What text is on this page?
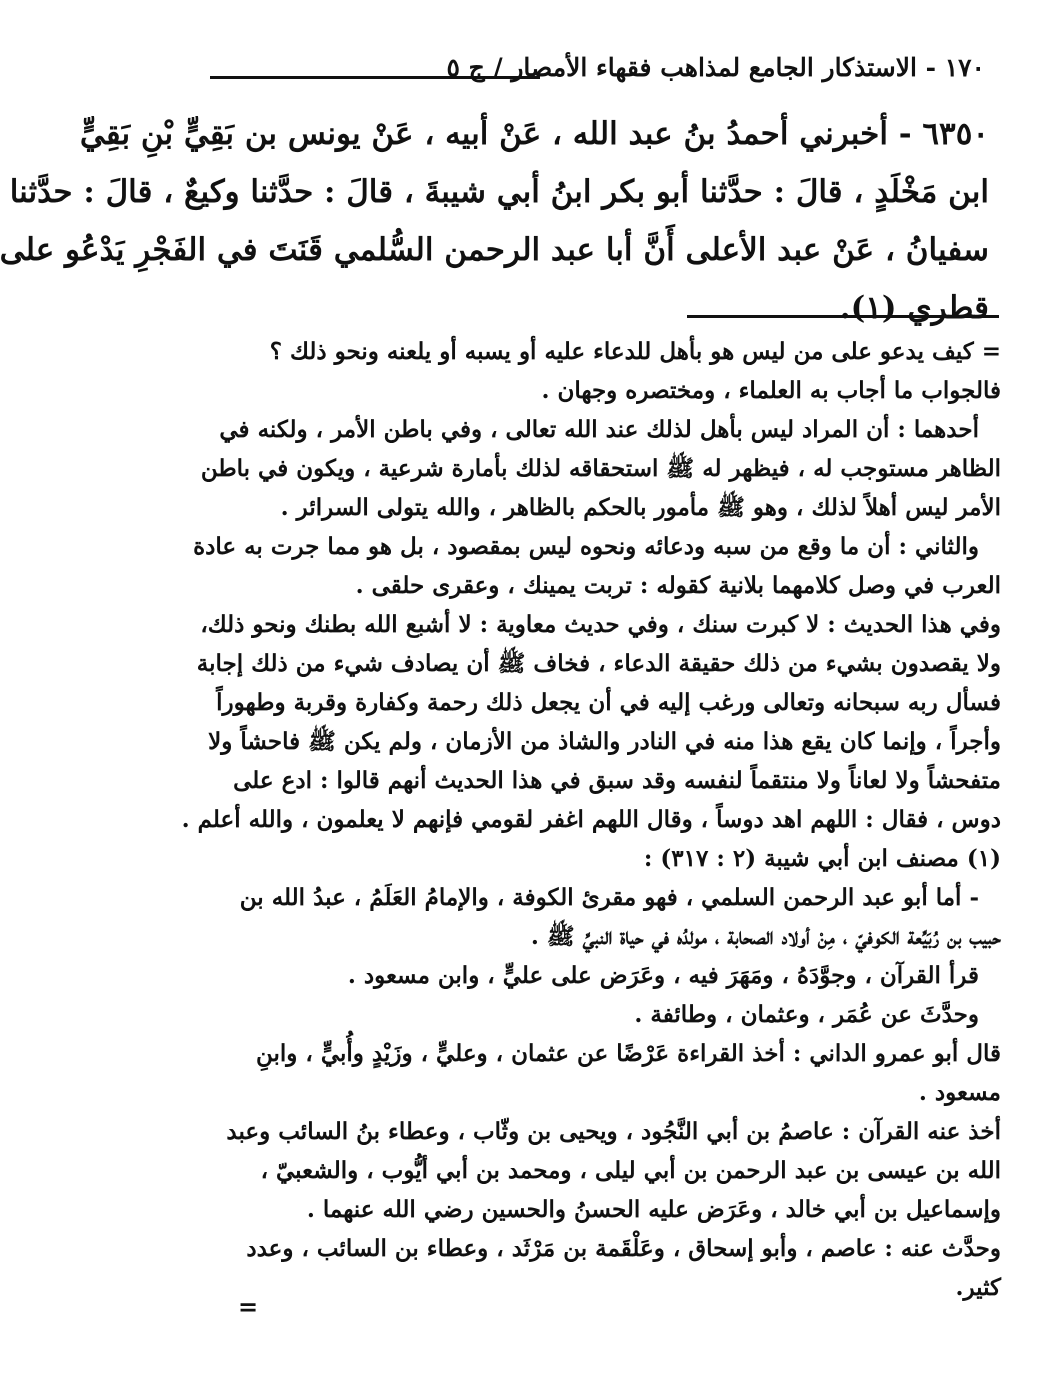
١٧٠ - الاستذكار الجامع لمذاهب فقهاء الأمصار / ج ٥
٦٣٥٠ - أخبرني أحمدُ بنُ عبد الله ، عَنْ أبيه ، عَنْ يونس بن بَقِيٍّ بْنِ بَقِيٍّ
ابن مَخْلَدٍ ، قالَ : حدَّثنا أبو بكر ابنُ أبي شيبةَ ، قالَ : حدَّثنا وكيعٌ ، قالَ : حدَّثنا
سفيانُ ، عَنْ عبد الأعلى أَنَّ أبا عبد الرحمن السُّلمي قَنَتَ في الفَجْرِ يَدْعُو على
قطري (١).
= كيف يدعو على من ليس هو بأهل للدعاء عليه أو يسبه أو يلعنه ونحو ذلك ؟
فالجواب ما أجاب به العلماء ، ومختصره وجهان .
أحدهما : أن المراد ليس بأهل لذلك عند الله تعالى ، وفي باطن الأمر ، ولكنه في
الظاهر مستوجب له ، فيظهر له ﷺ استحقاقه لذلك بأمارة شرعية ، ويكون في باطن
الأمر ليس أهلاً لذلك ، وهو ﷺ مأمور بالحكم بالظاهر ، والله يتولى السرائر .
والثاني : أن ما وقع من سبه ودعائه ونحوه ليس بمقصود ، بل هو مما جرت به عادة
العرب في وصل كلامهما بلانية كقوله : تربت يمينك ، وعقرى حلقى .
وفي هذا الحديث : لا كبرت سنك ، وفي حديث معاوية : لا أشبع الله بطنك ونحو ذلك،
ولا يقصدون بشيء من ذلك حقيقة الدعاء ، فخاف ﷺ أن يصادف شيء من ذلك إجابة
فسأل ربه سبحانه وتعالى ورغب إليه في أن يجعل ذلك رحمة وكفارة وقربة وطهوراً
وأجراً ، وإنما كان يقع هذا منه في النادر والشاذ من الأزمان ، ولم يكن ﷺ فاحشاً ولا
متفحشاً ولا لعاناً ولا منتقماً لنفسه وقد سبق في هذا الحديث أنهم قالوا : ادع على
دوس ، فقال : اللهم اهد دوساً ، وقال اللهم اغفر لقومي فإنهم لا يعلمون ، والله أعلم .
(١) مصنف ابن أبي شيبة (٢ : ٣١٧) :
- أما أبو عبد الرحمن السلمي ، فهو مقرئ الكوفة ، والإمامُ العَلَمُ ، عبدُ الله بن
حبيب بن رُبَيِّعة الكوفيّ ، مِنْ أولاد الصحابة ، مولدُه في حياة النبيِّ ﷺ .
قرأ القرآن ، وجوَّدَهُ ، ومَهَرَ فيه ، وعَرَض على عليٍّ ، وابن مسعود .
وحدَّثَ عن عُمَر ، وعثمان ، وطائفة .
قال أبو عمرو الداني : أخذ القراءة عَرْضًا عن عثمان ، وعليٍّ ، وزَيْدٍ وأُبيٍّ ، وابنِ
مسعود .
أخذ عنه القرآن : عاصمُ بن أبي النَّجُود ، ويحيى بن وثّاب ، وعطاء بنُ السائب وعبد
الله بن عيسى بن عبد الرحمن بن أبي ليلى ، ومحمد بن أبي أيُّوب ، والشعبيّ ،
وإسماعيل بن أبي خالد ، وعَرَض عليه الحسنُ والحسين رضي الله عنهما .
وحدَّث عنه : عاصم ، وأبو إسحاق ، وعَلْقَمة بن مَرْثَد ، وعطاء بن السائب ، وعدد
كثير.
=
